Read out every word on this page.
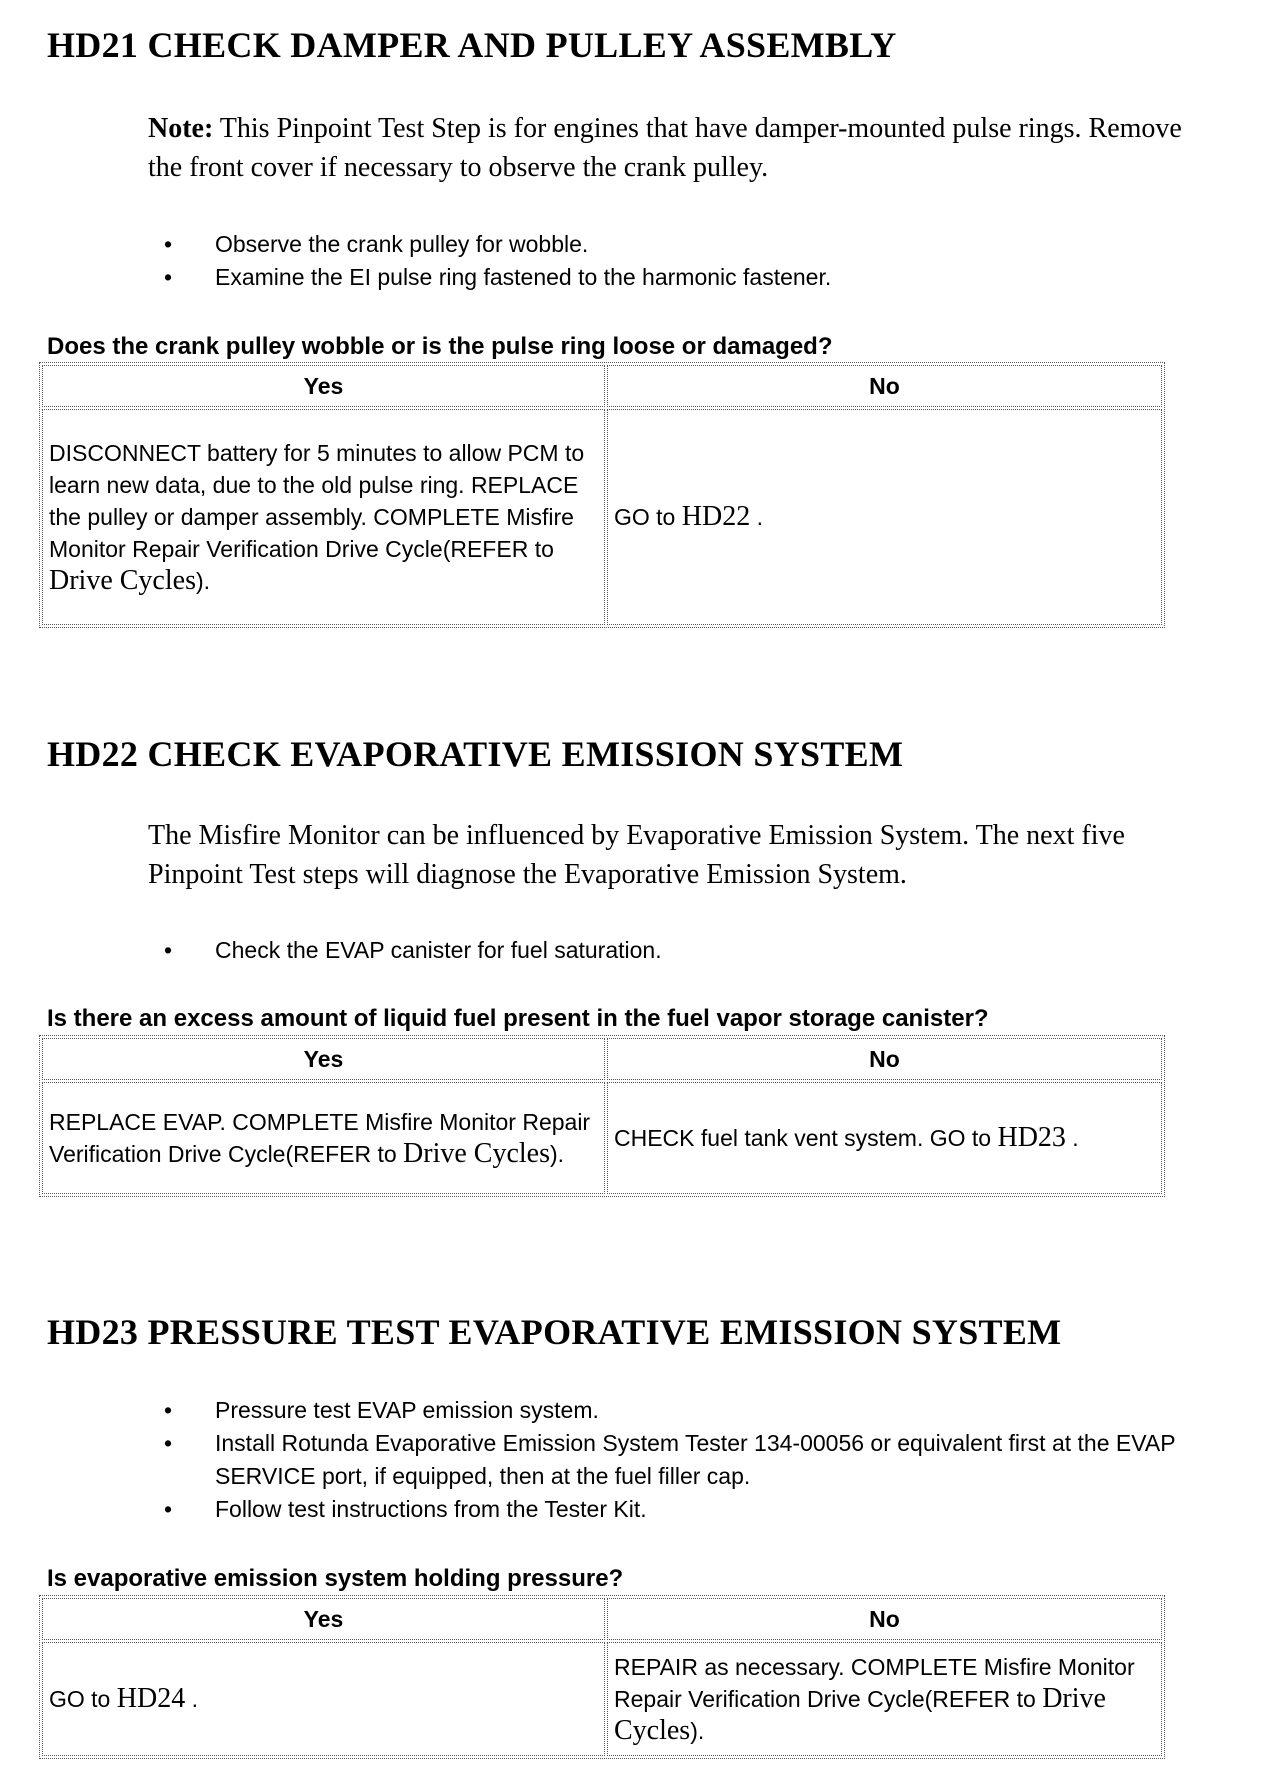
HD21 CHECK DAMPER AND PULLEY ASSEMBLY

Note: This Pinpoint Test Step is for engines that have damper-mounted pulse rings. Remove the front cover if necessary to observe the crank pulley.

• Observe the crank pulley for wobble.
• Examine the EI pulse ring fastened to the harmonic fastener.

Does the crank pulley wobble or is the pulse ring loose or damaged?

Yes	No
DISCONNECT battery for 5 minutes to allow PCM to learn new data, due to the old pulse ring. REPLACE the pulley or damper assembly. COMPLETE Misfire Monitor Repair Verification Drive Cycle(REFER to Drive Cycles).	GO to HD22 .
HD22 CHECK EVAPORATIVE EMISSION SYSTEM

The Misfire Monitor can be influenced by Evaporative Emission System. The next five Pinpoint Test steps will diagnose the Evaporative Emission System.

• Check the EVAP canister for fuel saturation.

Is there an excess amount of liquid fuel present in the fuel vapor storage canister?

Yes	No
REPLACE EVAP. COMPLETE Misfire Monitor Repair Verification Drive Cycle(REFER to Drive Cycles).	CHECK fuel tank vent system. GO to HD23 .
HD23 PRESSURE TEST EVAPORATIVE EMISSION SYSTEM
• Pressure test EVAP emission system.
• Install Rotunda Evaporative Emission System Tester 134-00056 or equivalent first at the EVAP SERVICE port, if equipped, then at the fuel filler cap.
• Follow test instructions from the Tester Kit.

Is evaporative emission system holding pressure?

Yes	No
GO to HD24 .	REPAIR as necessary. COMPLETE Misfire Monitor Repair Verification Drive Cycle(REFER to Drive Cycles).
